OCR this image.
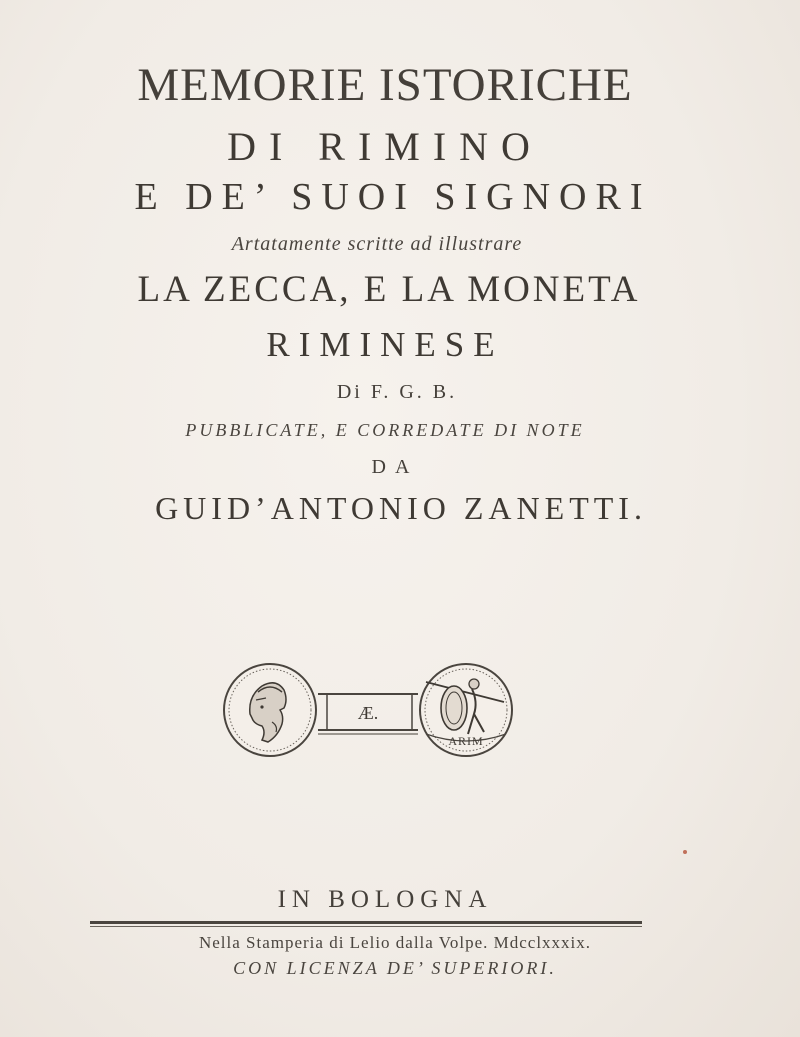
MEMORIE ISTORICHE
DI RIMINO
E DE’ SUOI SIGNORI
Artatamente scritte ad illustrare
LA ZECCA, E LA MONETA
RIMINESE
Di F. G. B.
PUBBLICATE, E CORREDATE DI NOTE
DA
GUID’ANTONIO ZANETTI.
Æ.
ARIM
IN BOLOGNA
Nella Stamperia di Lelio dalla Volpe. Mdcclxxxix.
CON LICENZA DE’ SUPERIORI.
